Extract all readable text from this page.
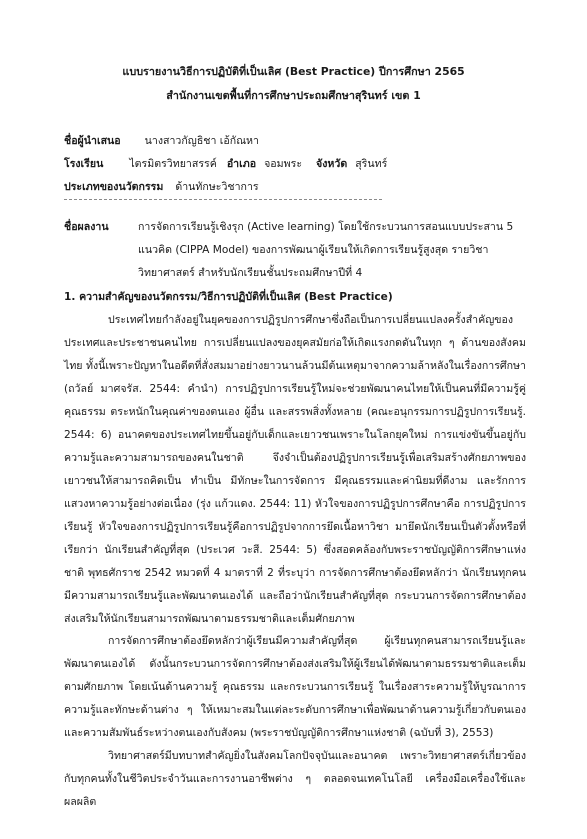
แบบรายงานวิธีการปฏิบัติที่เป็นเลิศ (Best Practice) ปีการศึกษา 2565
สำนักงานเขตพื้นที่การศึกษาประถมศึกษาสุรินทร์ เขต 1
ชื่อผู้นำเสนอ นางสาวกัญธิชา เอ้กัณหา
โรงเรียน ไตรมิตรวิทยาสรรค์ อำเภอ จอมพระ จังหวัด สุรินทร์
ประเภทของนวัตกรรม ด้านทักษะวิชาการ
ชื่อผลงาน	การจัดการเรียนรู้เชิงรุก (Active learning) โดยใช้กระบวนการสอนแบบประสาน 5 แนวคิด (CIPPA Model) ของการพัฒนาผู้เรียนให้เกิดการเรียนรู้สูงสุด รายวิชาวิทยาศาสตร์ สำหรับนักเรียนชั้นประถมศึกษาปีที่ 4
1. ความสำคัญของนวัตกรรม/วิธีการปฏิบัติที่เป็นเลิศ (Best Practice)
ประเทศไทยกำลังอยู่ในยุคของการปฏิรูปการศึกษาซึ่งถือเป็นการเปลี่ยนแปลงครั้งสำคัญของประเทศและประชาชนคนไทย การเปลี่ยนแปลงของยุคสมัยก่อให้เกิดแรงกดดันในทุก ๆ ด้านของสังคมไทย ทั้งนี้เพราะปัญหาในอดีตที่สั่งสมมาอย่างยาวนานล้วนมีต้นเหตุมาจากความล้าหลังในเรื่องการศึกษา (ถวัลย์ มาศจรัส. 2544: คำนำ) การปฏิรูปการเรียนรู้ใหม่จะช่วยพัฒนาคนไทยให้เป็นคนที่มีความรู้คู่คุณธรรม ตระหนักในคุณค่าของตนเอง ผู้อื่น และสรรพสิ่งทั้งหลาย (คณะอนุกรรมการปฏิรูปการเรียนรู้. 2544: 6) อนาคตของประเทศไทยขึ้นอยู่กับเด็กและเยาวชนเพราะในโลกยุคใหม่ การแข่งขันขึ้นอยู่กับความรู้และความสามารถของคนในชาติ จึงจำเป็นต้องปฏิรูปการเรียนรู้เพื่อเสริมสร้างศักยภาพของเยาวชนให้สามารถคิดเป็น ทำเป็น มีทักษะในการจัดการ มีคุณธรรมและค่านิยมที่ดีงาม และรักการแสวงหาความรู้อย่างต่อเนื่อง (รุ่ง แก้วแดง. 2544: 11) หัวใจของการปฏิรูปการศึกษาคือ การปฏิรูปการเรียนรู้ หัวใจของการปฏิรูปการเรียนรู้คือการปฏิรูปจากการยึดเนื้อหาวิชา มายึดนักเรียนเป็นตัวตั้งหรือที่เรียกว่า นักเรียนสำคัญที่สุด (ประเวศ วะสี. 2544: 5) ซึ่งสอดคล้องกับพระราชบัญญัติการศึกษาแห่งชาติ พุทธศักราช 2542 หมวดที่ 4 มาตราที่ 2 ที่ระบุว่า การจัดการศึกษาต้องยึดหลักว่า นักเรียนทุกคนมีความสามารถเรียนรู้และพัฒนาตนเองได้ และถือว่านักเรียนสำคัญที่สุด กระบวนการจัดการศึกษาต้องส่งเสริมให้นักเรียนสามารถพัฒนาตามธรรมชาติและเต็มศักยภาพ
การจัดการศึกษาต้องยึดหลักว่าผู้เรียนมีความสำคัญที่สุด ผู้เรียนทุกคนสามารถเรียนรู้และพัฒนาตนเองได้ ดังนั้นกระบวนการจัดการศึกษาต้องส่งเสริมให้ผู้เรียนได้พัฒนาตามธรรมชาติและเต็มตามศักยภาพ โดยเน้นด้านความรู้ คุณธรรม และกระบวนการเรียนรู้ ในเรื่องสาระความรู้ให้บูรณาการความรู้และทักษะด้านต่าง ๆ ให้เหมาะสมในแต่ละระดับการศึกษาเพื่อพัฒนาด้านความรู้เกี่ยวกับตนเองและความสัมพันธ์ระหว่างตนเองกับสังคม (พระราชบัญญัติการศึกษาแห่งชาติ (ฉบับที่ 3), 2553)
วิทยาศาสตร์มีบทบาทสำคัญยิ่งในสังคมโลกปัจจุบันและอนาคต เพราะวิทยาศาสตร์เกี่ยวข้องกับทุกคนทั้งในชีวิตประจำวันและการงานอาชีพต่าง ๆ ตลอดจนเทคโนโลยี เครื่องมือเครื่องใช้และผลผลิต
